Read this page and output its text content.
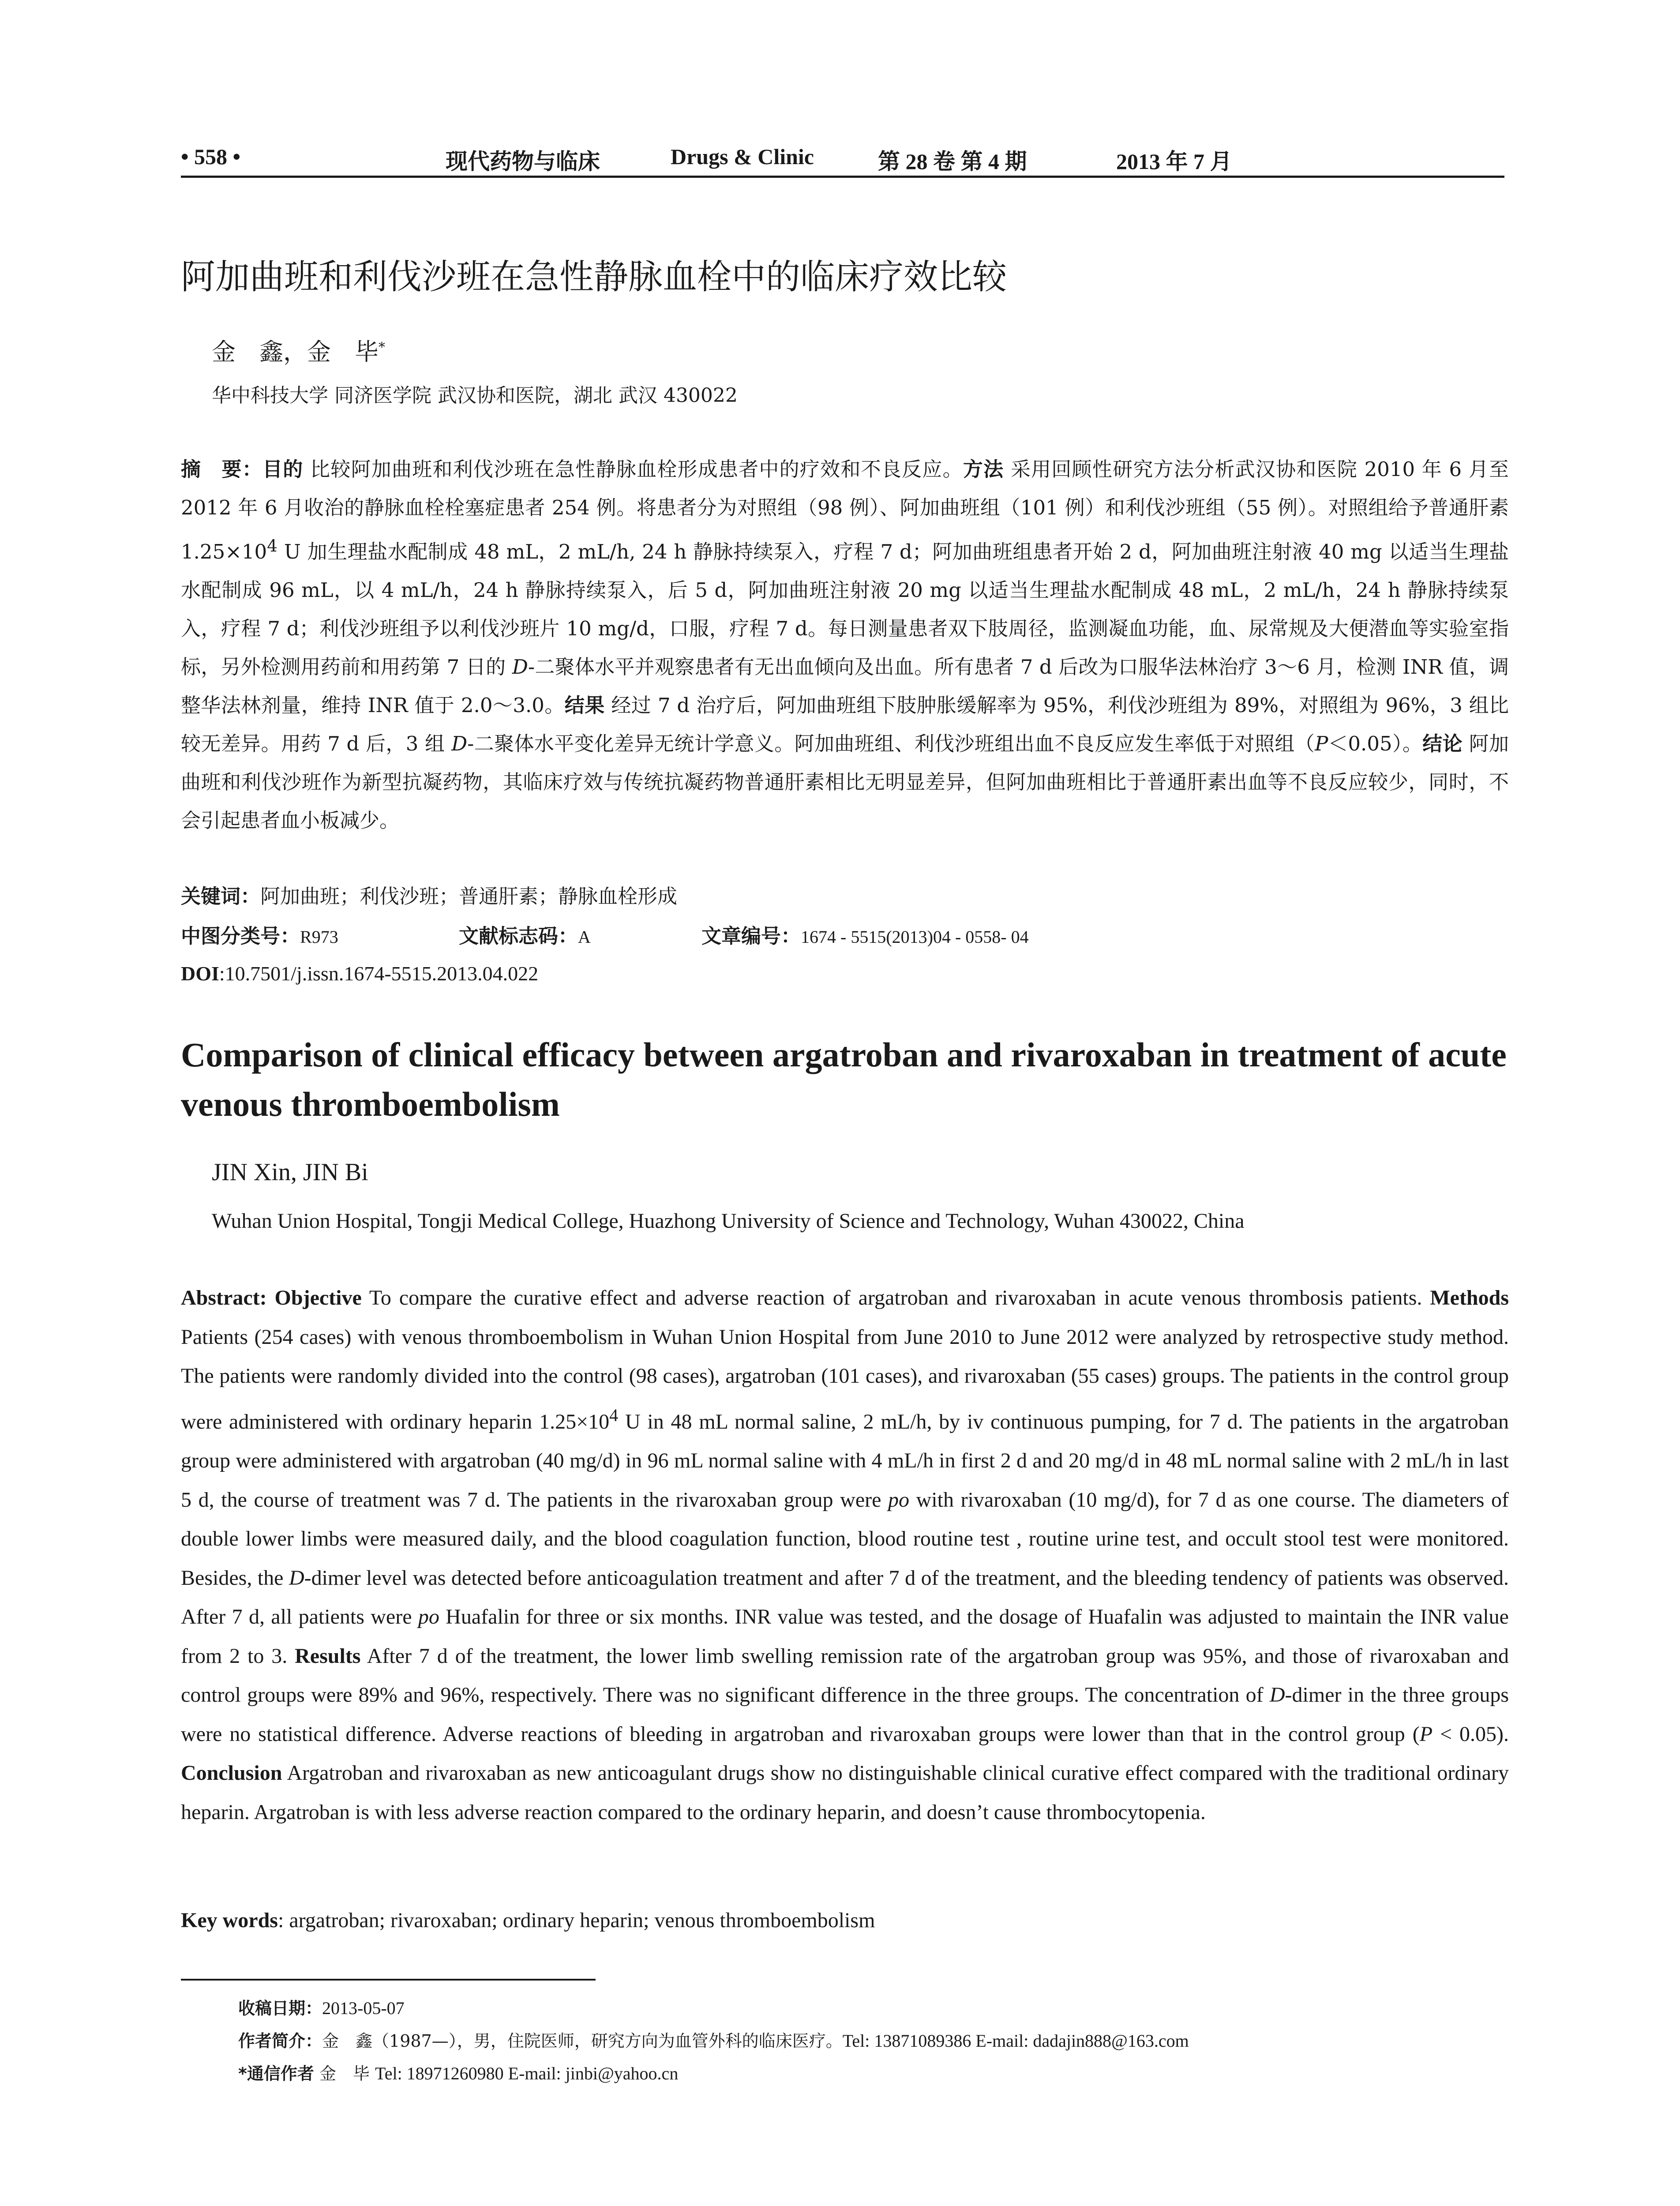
• 558 •	现代药物与临床	Drugs & Clinic	第 28 卷 第 4 期	2013 年 7 月
阿加曲班和利伐沙班在急性静脉血栓中的临床疗效比较
金　鑫，金　毕*
华中科技大学 同济医学院 武汉协和医院，湖北 武汉 430022

摘　要：目的 比较阿加曲班和利伐沙班在急性静脉血栓形成患者中的疗效和不良反应。方法 采用回顾性研究方法分析武汉协和医院 2010 年 6 月至 2012 年 6 月收治的静脉血栓栓塞症患者 254 例。将患者分为对照组（98 例）、阿加曲班组（101 例）和利伐沙班组（55 例）。对照组给予普通肝素 $1.25\times 10^4$ U 加生理盐水配制成 48 mL，2 mL/h, 24 h 静脉持续泵入，疗程 7 d；阿加曲班组患者开始 2 d，阿加曲班注射液 40 mg 以适当生理盐水配制成 96 mL，以 4 mL/h，24 h 静脉持续泵入，后 5 d，阿加曲班注射液 20 mg 以适当生理盐水配制成 48 mL，2 mL/h，24 h 静脉持续泵入，疗程 7 d；利伐沙班组予以利伐沙班片 10 mg/d，口服，疗程 7 d。每日测量患者双下肢周径，监测凝血功能，血、尿常规及大便潜血等实验室指标，另外检测用药前和用药第 7 日的 D-二聚体水平并观察患者有无出血倾向及出血。所有患者 7 d 后改为口服华法林治疗 3～6 月，检测 INR 值，调整华法林剂量，维持 INR 值于 2.0～3.0。结果 经过 7 d 治疗后，阿加曲班组下肢肿胀缓解率为 95%，利伐沙班组为 89%，对照组为 96%，3 组比较无差异。用药 7 d 后，3 组 D-二聚体水平变化差异无统计学意义。阿加曲班组、利伐沙班组出血不良反应发生率低于对照组（P＜0.05）。结论 阿加曲班和利伐沙班作为新型抗凝药物，其临床疗效与传统抗凝药物普通肝素相比无明显差异，但阿加曲班相比于普通肝素出血等不良反应较少，同时，不会引起患者血小板减少。

关键词：阿加曲班；利伐沙班；普通肝素；静脉血栓形成
中图分类号：R973	文献标志码：A	文章编号：1674 - 5515(2013)04 - 0558- 04
DOI:10.7501/j.issn.1674-5515.2013.04.022
Comparison of clinical efficacy between argatroban and rivaroxaban in treatment of acute venous thromboembolism
JIN Xin, JIN Bi
Wuhan Union Hospital, Tongji Medical College, Huazhong University of Science and Technology, Wuhan 430022, China

Abstract: Objective To compare the curative effect and adverse reaction of argatroban and rivaroxaban in acute venous thrombosis patients. Methods Patients (254 cases) with venous thromboembolism in Wuhan Union Hospital from June 2010 to June 2012 were analyzed by retrospective study method. The patients were randomly divided into the control (98 cases), argatroban (101 cases), and rivaroxaban (55 cases) groups. The patients in the control group were administered with ordinary heparin $1.25\times 10^4$ U in 48 mL normal saline, 2 mL/h, by iv continuous pumping, for 7 d. The patients in the argatroban group were administered with argatroban (40 mg/d) in 96 mL normal saline with 4 mL/h in first 2 d and 20 mg/d in 48 mL normal saline with 2 mL/h in last 5 d, the course of treatment was 7 d. The patients in the rivaroxaban group were po with rivaroxaban (10 mg/d), for 7 d as one course. The diameters of double lower limbs were measured daily, and the blood coagulation function, blood routine test , routine urine test, and occult stool test were monitored. Besides, the D-dimer level was detected before anticoagulation treatment and after 7 d of the treatment, and the bleeding tendency of patients was observed. After 7 d, all patients were po Huafalin for three or six months. INR value was tested, and the dosage of Huafalin was adjusted to maintain the INR value from 2 to 3. Results After 7 d of the treatment, the lower limb swelling remission rate of the argatroban group was 95%, and those of rivaroxaban and control groups were 89% and 96%, respectively. There was no significant difference in the three groups. The concentration of D-dimer in the three groups were no statistical difference. Adverse reactions of bleeding in argatroban and rivaroxaban groups were lower than that in the control group (P < 0.05). Conclusion Argatroban and rivaroxaban as new anticoagulant drugs show no distinguishable clinical curative effect compared with the traditional ordinary heparin. Argatroban is with less adverse reaction compared to the ordinary heparin, and doesn’t cause thrombocytopenia.

Key words: argatroban; rivaroxaban; ordinary heparin; venous thromboembolism
收稿日期：2013-05-07
作者简介：金　鑫（1987—），男，住院医师，研究方向为血管外科的临床医疗。Tel: 13871089386 E-mail: dadajin888@163.com
*通信作者 金　毕 Tel: 18971260980 E-mail: jinbi@yahoo.cn
